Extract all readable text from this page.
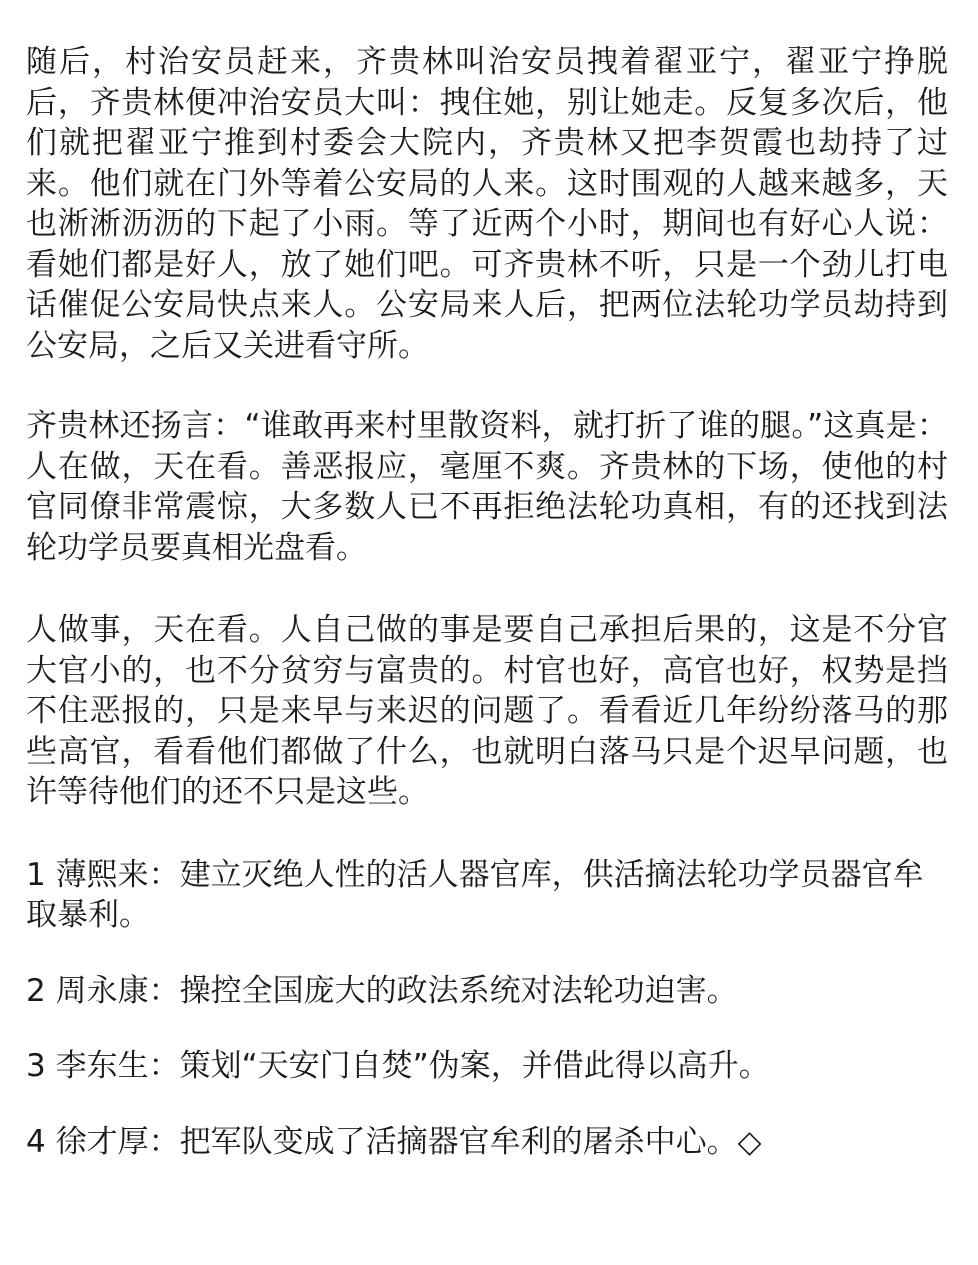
随后，村治安员赶来，齐贵林叫治安员拽着翟亚宁，翟亚宁挣脱后，齐贵林便冲治安员大叫：拽住她，别让她走。反复多次后，他们就把翟亚宁推到村委会大院内，齐贵林又把李贺霞也劫持了过来。他们就在门外等着公安局的人来。这时围观的人越来越多，天也淅淅沥沥的下起了小雨。等了近两个小时，期间也有好心人说：看她们都是好人，放了她们吧。可齐贵林不听，只是一个劲儿打电话催促公安局快点来人。公安局来人后，把两位法轮功学员劫持到公安局，之后又关进看守所。

齐贵林还扬言：“谁敢再来村里散资料，就打折了谁的腿。”这真是：人在做，天在看。善恶报应，毫厘不爽。齐贵林的下场，使他的村官同僚非常震惊，大多数人已不再拒绝法轮功真相，有的还找到法轮功学员要真相光盘看。

人做事，天在看。人自己做的事是要自己承担后果的，这是不分官大官小的，也不分贫穷与富贵的。村官也好，高官也好，权势是挡不住恶报的，只是来早与来迟的问题了。看看近几年纷纷落马的那些高官，看看他们都做了什么，也就明白落马只是个迟早问题，也许等待他们的还不只是这些。

1 薄熙来：建立灭绝人性的活人器官库，供活摘法轮功学员器官牟取暴利。

2 周永康：操控全国庞大的政法系统对法轮功迫害。

3 李东生：策划“天安门自焚”伪案，并借此得以高升。

4 徐才厚：把军队变成了活摘器官牟利的屠杀中心。◇
